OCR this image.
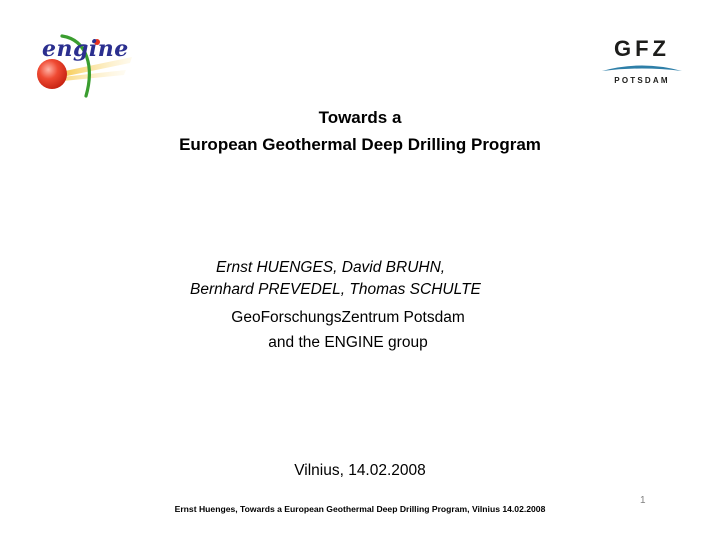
engine	GFZ
POTSDAM
Towards a
European Geothermal Deep Drilling Program
Ernst HUENGES, David BRUHN,
Bernhard PREVEDEL, Thomas SCHULTE
GeoForschungsZentrum Potsdam
and the ENGINE group
Vilnius, 14.02.2008
1
Ernst Huenges, Towards a European Geothermal Deep Drilling Program, Vilnius 14.02.2008
